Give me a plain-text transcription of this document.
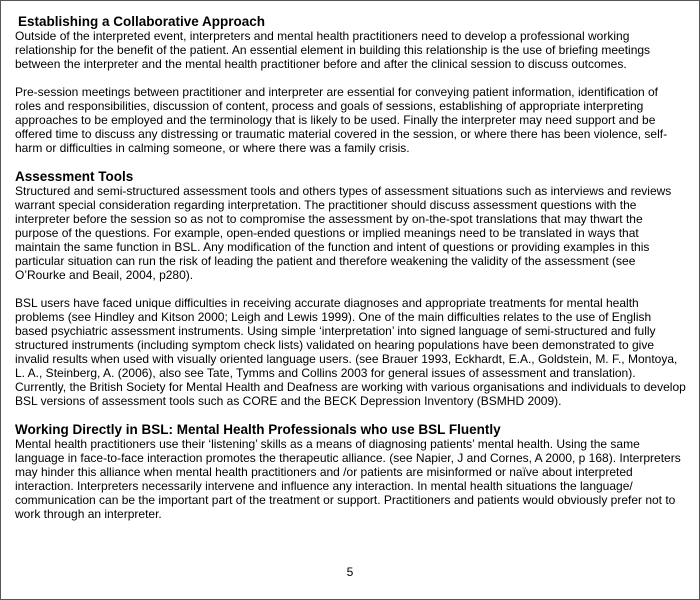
Establishing a Collaborative Approach

Outside of the interpreted event, interpreters and mental health practitioners need to develop a professional working relationship for the benefit of the patient. An essential element in building this relationship is the use of briefing meetings between the interpreter and the mental health practitioner before and after the clinical session to discuss outcomes.

Pre-session meetings between practitioner and interpreter are essential for conveying patient information, identification of roles and responsibilities, discussion of content, process and goals of sessions, establishing of appropriate interpreting approaches to be employed and the terminology that is likely to be used. Finally the interpreter may need support and be offered time to discuss any distressing or traumatic material covered in the session, or where there has been violence, self-harm or difficulties in calming someone, or where there was a family crisis.

Assessment Tools

Structured and semi-structured assessment tools and others types of assessment situations such as interviews and reviews warrant special consideration regarding interpretation. The practitioner should discuss assessment questions with the interpreter before the session so as not to compromise the assessment by on-the-spot translations that may thwart the purpose of the questions. For example, open-ended questions or implied meanings need to be translated in ways that maintain the same function in BSL. Any modification of the function and intent of questions or providing examples in this particular situation can run the risk of leading the patient and therefore weakening the validity of the assessment (see O’Rourke and Beail, 2004, p280).

BSL users have faced unique difficulties in receiving accurate diagnoses and appropriate treatments for mental health problems (see Hindley and Kitson 2000; Leigh and Lewis 1999). One of the main difficulties relates to the use of English based psychiatric assessment instruments. Using simple ‘interpretation’ into signed language of semi-structured and fully structured instruments (including symptom check lists) validated on hearing populations have been demonstrated to give invalid results when used with visually oriented language users. (see Brauer 1993, Eckhardt, E.A., Goldstein, M. F., Montoya, L. A., Steinberg, A. (2006), also see Tate, Tymms and Collins 2003 for general issues of assessment and translation). Currently, the British Society for Mental Health and Deafness are working with various organisations and individuals to develop BSL versions of assessment tools such as CORE and the BECK Depression Inventory (BSMHD 2009).

Working Directly in BSL: Mental Health Professionals who use BSL Fluently

Mental health practitioners use their ‘listening’ skills as a means of diagnosing patients’ mental health. Using the same language in face-to-face interaction promotes the therapeutic alliance. (see Napier, J and Cornes, A 2000, p 168). Interpreters may hinder this alliance when mental health practitioners and /or patients are misinformed or naïve about interpreted interaction. Interpreters necessarily intervene and influence any interaction. In mental health situations the language/ communication can be the important part of the treatment or support. Practitioners and patients would obviously prefer not to work through an interpreter.

5
